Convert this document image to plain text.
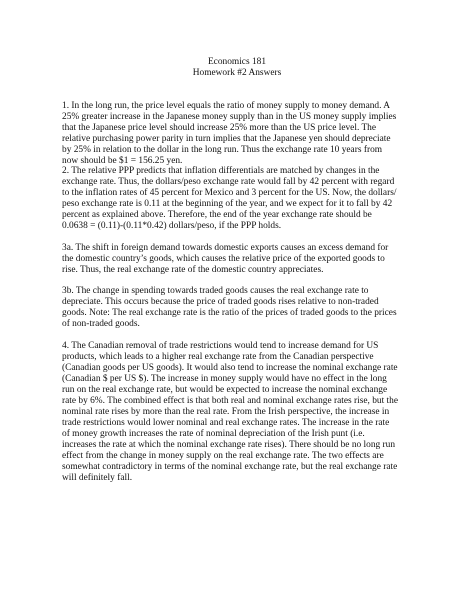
Economics 181
Homework #2 Answers
1. In the long run, the price level equals the ratio of money supply to money demand. A
25% greater increase in the Japanese money supply than in the US money supply implies
that the Japanese price level should increase 25% more than the US price level. The
relative purchasing power parity in turn implies that the Japanese yen should depreciate
by 25% in relation to the dollar in the long run. Thus the exchange rate 10 years from
now should be $1 = 156.25 yen.
2. The relative PPP predicts that inflation differentials are matched by changes in the
exchange rate. Thus, the dollars/peso exchange rate would fall by 42 percent with regard
to the inflation rates of 45 percent for Mexico and 3 percent for the US. Now, the dollars/
peso exchange rate is 0.11 at the beginning of the year, and we expect for it to fall by 42
percent as explained above. Therefore, the end of the year exchange rate should be
0.0638 = (0.11)-(0.11*0.42) dollars/peso, if the PPP holds.
3a. The shift in foreign demand towards domestic exports causes an excess demand for
the domestic country’s goods, which causes the relative price of the exported goods to
rise. Thus, the real exchange rate of the domestic country appreciates.
3b. The change in spending towards traded goods causes the real exchange rate to
depreciate. This occurs because the price of traded goods rises relative to non-traded
goods. Note: The real exchange rate is the ratio of the prices of traded goods to the prices
of non-traded goods.
4. The Canadian removal of trade restrictions would tend to increase demand for US
products, which leads to a higher real exchange rate from the Canadian perspective
(Canadian goods per US goods). It would also tend to increase the nominal exchange rate
(Canadian $ per US $). The increase in money supply would have no effect in the long
run on the real exchange rate, but would be expected to increase the nominal exchange
rate by 6%. The combined effect is that both real and nominal exchange rates rise, but the
nominal rate rises by more than the real rate. From the Irish perspective, the increase in
trade restrictions would lower nominal and real exchange rates. The increase in the rate
of money growth increases the rate of nominal depreciation of the Irish punt (i.e.
increases the rate at which the nominal exchange rate rises). There should be no long run
effect from the change in money supply on the real exchange rate. The two effects are
somewhat contradictory in terms of the nominal exchange rate, but the real exchange rate
will definitely fall.
